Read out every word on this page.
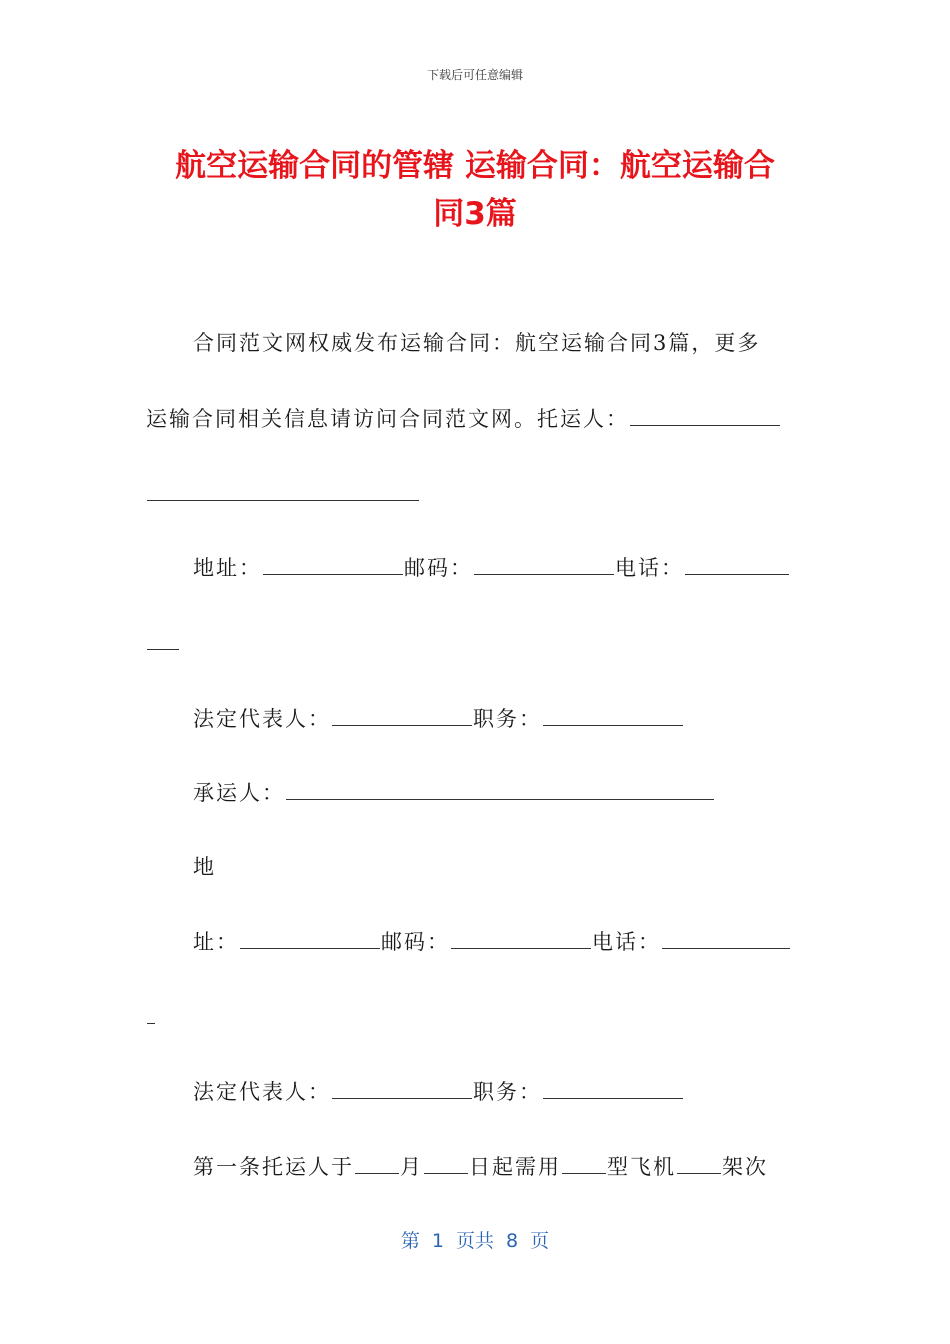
下载后可任意编辑
航空运输合同的管辖 运输合同：航空运输合
同3篇
合同范文网权威发布运输合同：航空运输合同3篇，更多
运输合同相关信息请访问合同范文网。托运人：
地址：	邮码：	电话：
法定代表人：	职务：
承运人：
地
址：	邮码：	电话：
法定代表人：	职务：
第一条托运人于 月 日起需用 型飞机 架次
第 1 页共 8 页
